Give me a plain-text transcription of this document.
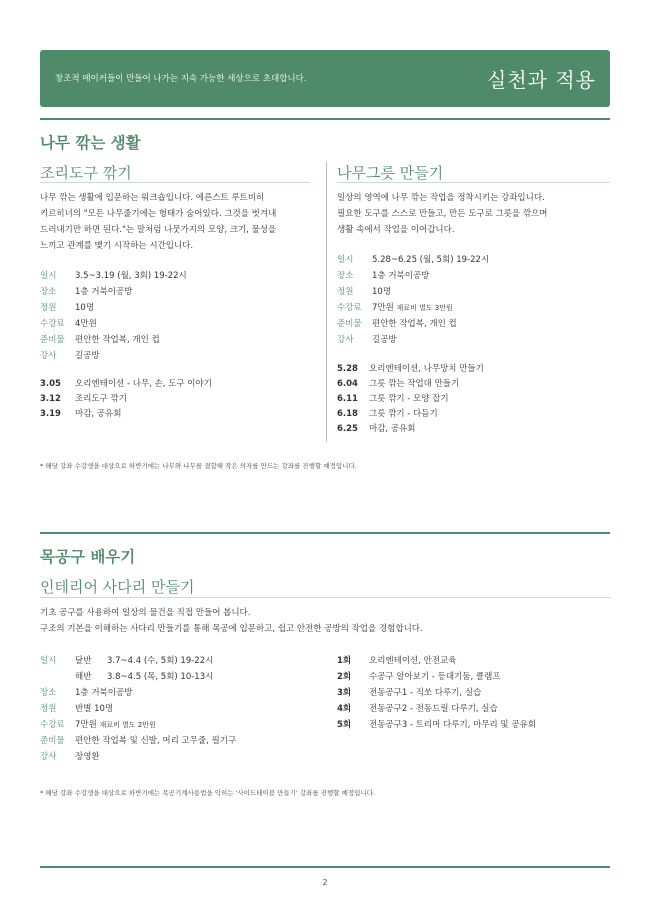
창조적 메이커들이 만들어 나가는 지속 가능한 세상으로 초대합니다.	실천과 적용
나무 깎는 생활
조리도구 깎기
나무 깎는 생활에 입문하는 워크숍입니다. 에른스트 루트비히
키르히너의 "모든 나무줄기에는 형태가 숨어있다. 그것을 벗겨내
드러내기만 하면 된다."는 말처럼 나뭇가지의 모양, 크기, 물성을
느끼고 관계를 맺기 시작하는 시간입니다.
일시 3.5~3.19 (월, 3회) 19-22시
장소 1층 거북이공방
정원 10명
수강료 4만원
준비물 편안한 작업복, 개인 컵
강사 길공방
3.05 오리엔테이션 - 나무, 손, 도구 이야기
3.12 조리도구 깎기
3.19 마감, 공유회
나무그릇 만들기
일상의 영역에 나무 깎는 작업을 정착시키는 강좌입니다.
필요한 도구를 스스로 만들고, 만든 도구로 그릇을 깎으며
생활 속에서 작업을 이어갑니다.
일시 5.28~6.25 (월, 5회) 19-22시
장소 1층 거북이공방
정원 10명
수강료 7만원 재료비 별도 3만원
준비물 편안한 작업복, 개인 컵
강사 길공방
5.28 오리엔테이션, 나무망치 만들기
6.04 그릇 깎는 작업대 만들기
6.11 그릇 깎기 - 모양 잡기
6.18 그릇 깎기 - 다듬기
6.25 마감, 공유회
* 해당 강좌 수강생을 대상으로 하반기에는 나무와 나무를 결합해 작은 의자를 만드는 강좌를 진행할 예정입니다.
목공구 배우기
인테리어 사다리 만들기
기초 공구를 사용하여 일상의 물건을 직접 만들어 봅니다.
구조의 기본을 이해하는 사다리 만들기를 통해 목공에 입문하고, 쉽고 안전한 공방의 작업을 경험합니다.
일시 달반 3.7~4.4 (수, 5회) 19-22시
해반 3.8~4.5 (목, 5회) 10-13시
장소 1층 거북이공방
정원 반별 10명
수강료 7만원 재료비 별도 2만원
준비물 편안한 작업복 및 신발, 머리 고무줄, 필기구
강사 장영환
1회 오리엔테이션, 안전교육
2회 수공구 알아보기 - 등대기둠, 클램프
3회 전동공구1 - 직쏘 다루기, 실습
4회 전동공구2 - 전동드릴 다루기, 실습
5회 전동공구3 - 트리머 다루기, 마무리 및 공유회
* 해당 강좌 수강생을 대상으로 하반기에는 목공기계사용법을 익히는 '사이드테이블 만들기' 강좌를 진행할 예정입니다.
2
